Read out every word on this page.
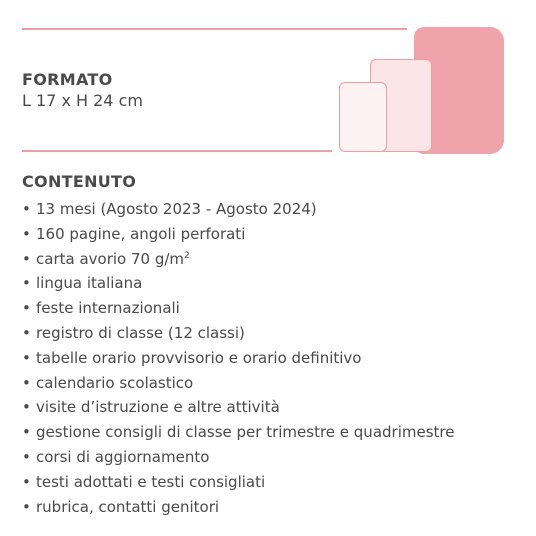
FORMATO
L 17 x H 24 cm
CONTENUTO
• 13 mesi (Agosto 2023 - Agosto 2024)
• 160 pagine, angoli perforati
• carta avorio 70 $g/m^2$
• lingua italiana
• feste internazionali
• registro di classe (12 classi)
• tabelle orario provvisorio e orario definitivo
• calendario scolastico
• visite d’istruzione e altre attività
• gestione consigli di classe per trimestre e quadrimestre
• corsi di aggiornamento
• testi adottati e testi consigliati
• rubrica, contatti genitori
